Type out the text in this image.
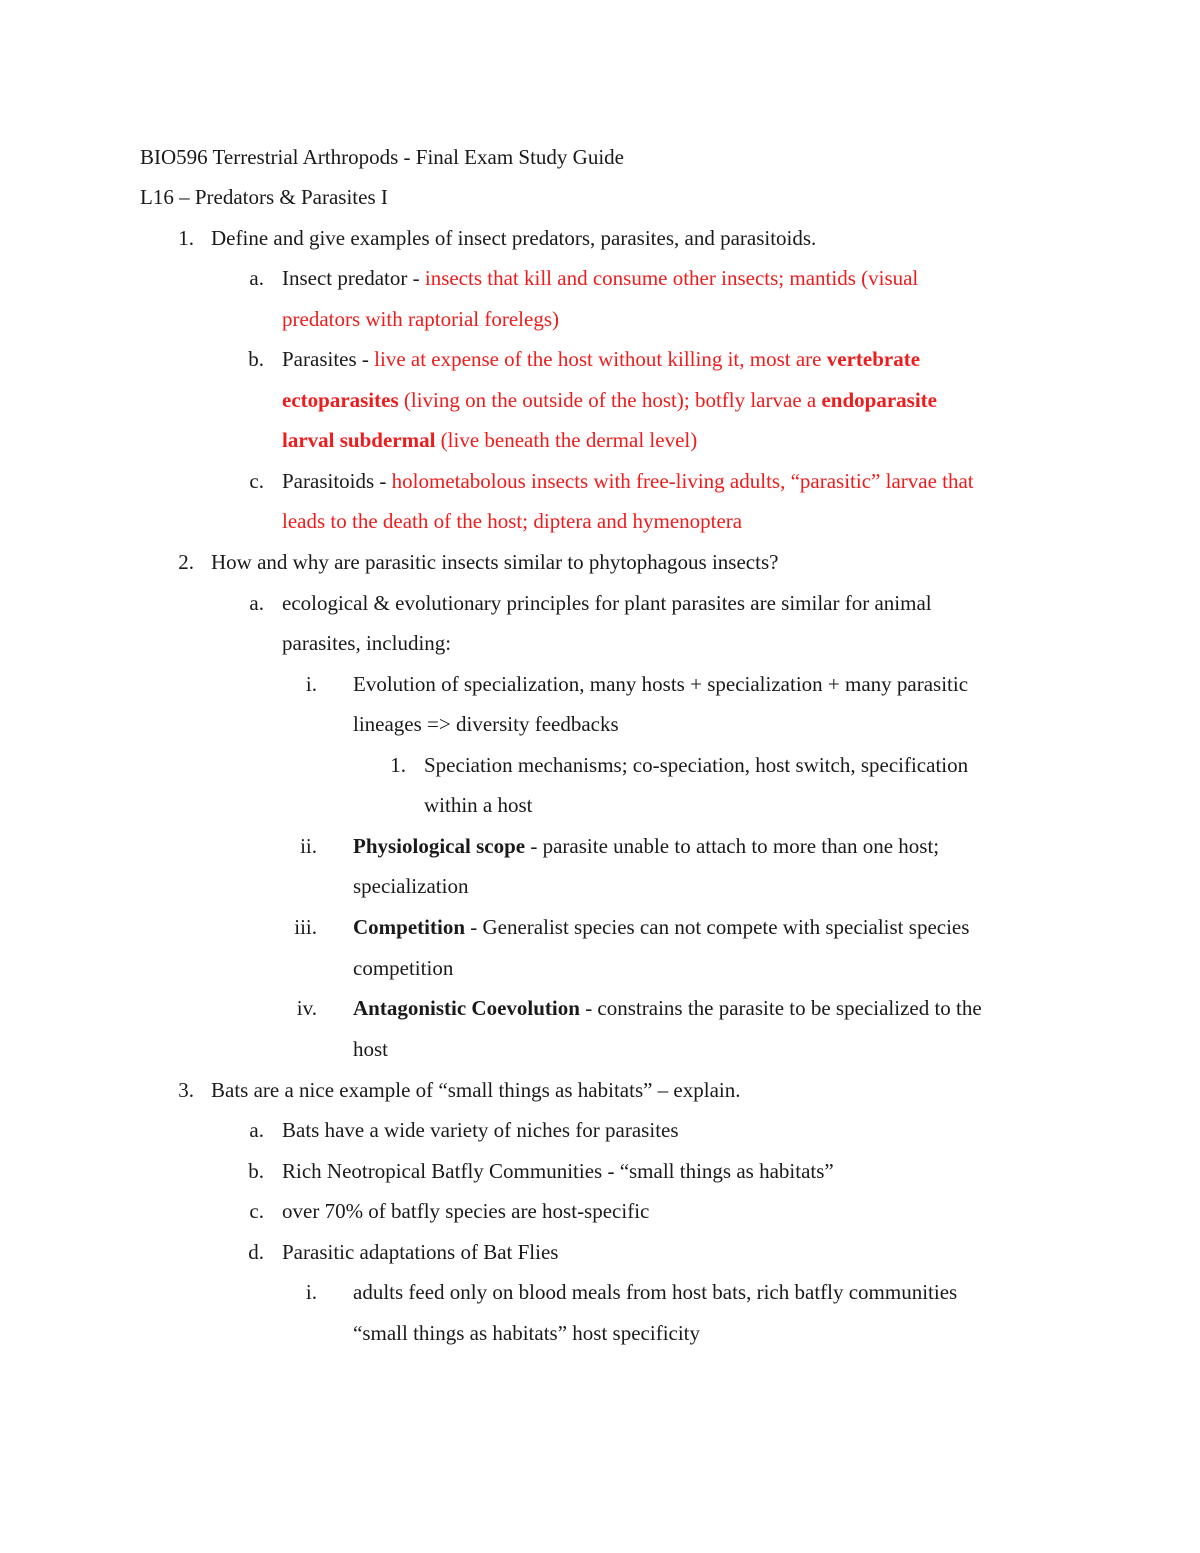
BIO596 Terrestrial Arthropods - Final Exam Study Guide
L16 – Predators & Parasites I
1. Define and give examples of insect predators, parasites, and parasitoids.
a. Insect predator - insects that kill and consume other insects; mantids (visual
predators with raptorial forelegs)
b. Parasites - live at expense of the host without killing it, most are vertebrate
ectoparasites (living on the outside of the host); botfly larvae a endoparasite
larval subdermal (live beneath the dermal level)
c. Parasitoids - holometabolous insects with free-living adults, “parasitic” larvae that
leads to the death of the host; diptera and hymenoptera
2. How and why are parasitic insects similar to phytophagous insects?
a. ecological & evolutionary principles for plant parasites are similar for animal
parasites, including:
i. Evolution of specialization, many hosts + specialization + many parasitic
lineages => diversity feedbacks
1. Speciation mechanisms; co-speciation, host switch, specification
within a host
ii. Physiological scope - parasite unable to attach to more than one host;
specialization
iii. Competition - Generalist species can not compete with specialist species
competition
iv. Antagonistic Coevolution - constrains the parasite to be specialized to the
host
3. Bats are a nice example of “small things as habitats” – explain.
a. Bats have a wide variety of niches for parasites
b. Rich Neotropical Batfly Communities - “small things as habitats”
c. over 70% of batfly species are host-specific
d. Parasitic adaptations of Bat Flies
i. adults feed only on blood meals from host bats, rich batfly communities
“small things as habitats” host specificity
